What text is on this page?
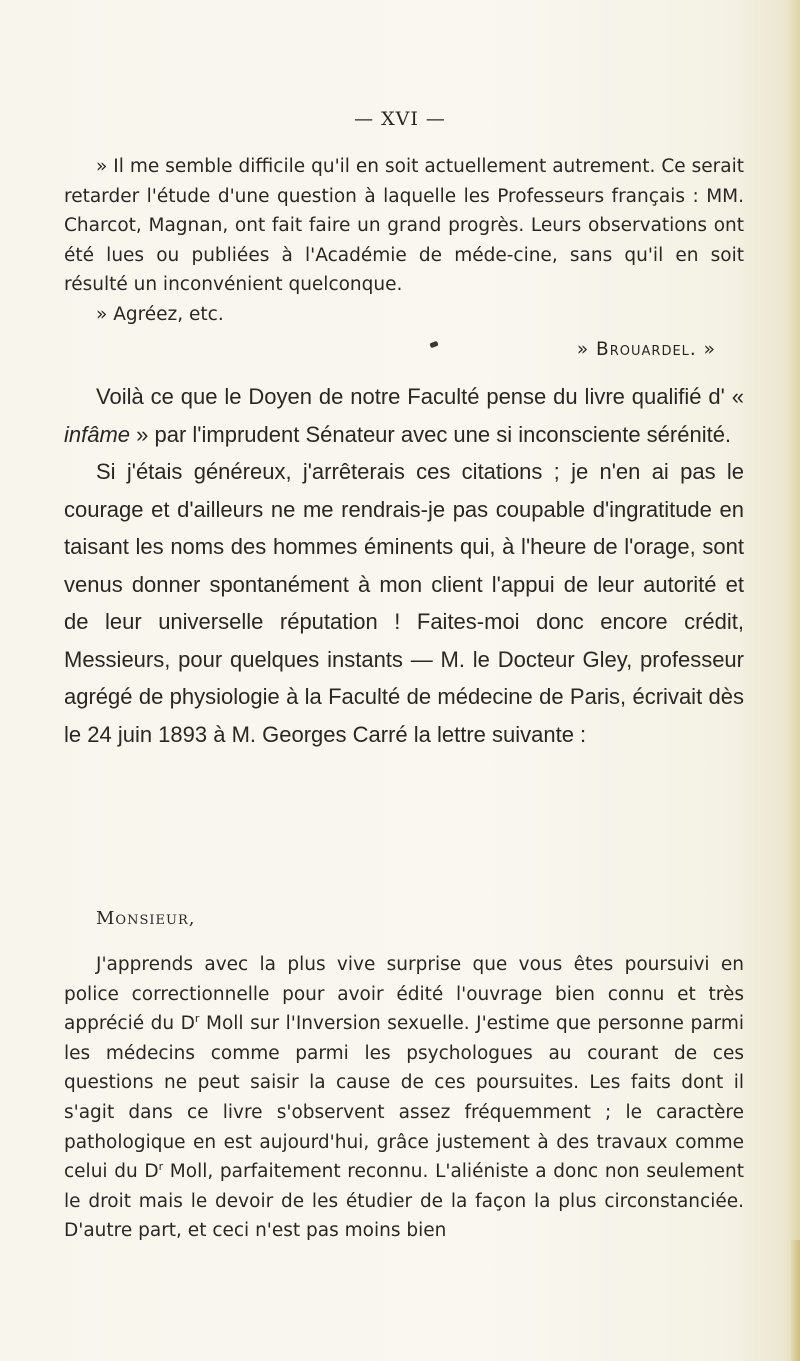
— XVI —

» Il me semble difficile qu'il en soit actuellement autrement. Ce serait retarder l'étude d'une question à laquelle les Professeurs français : MM. Charcot, Magnan, ont fait faire un grand progrès. Leurs observations ont été lues ou publiées à l'Académie de méde-cine, sans qu'il en soit résulté un inconvénient quelconque.

» Agréez, etc.

» Brouardel. »

Voilà ce que le Doyen de notre Faculté pense du livre qualifié d' « infâme » par l'imprudent Sénateur avec une si inconsciente sérénité.

Si j'étais généreux, j'arrêterais ces citations ; je n'en ai pas le courage et d'ailleurs ne me rendrais-je pas coupable d'ingratitude en taisant les noms des hommes éminents qui, à l'heure de l'orage, sont venus donner spontanément à mon client l'appui de leur autorité et de leur universelle réputation ! Faites-moi donc encore crédit, Messieurs, pour quelques instants — M. le Docteur Gley, professeur agrégé de physiologie à la Faculté de médecine de Paris, écrivait dès le 24 juin 1893 à M. Georges Carré la lettre suivante :

Monsieur,

J'apprends avec la plus vive surprise que vous êtes poursuivi en police correctionnelle pour avoir édité l'ouvrage bien connu et très apprécié du $D^r$ Moll sur l'Inversion sexuelle. J'estime que personne parmi les médecins comme parmi les psychologues au courant de ces questions ne peut saisir la cause de ces poursuites. Les faits dont il s'agit dans ce livre s'observent assez fréquemment ; le caractère pathologique en est aujourd'hui, grâce justement à des travaux comme celui du $D^r$ Moll, parfaitement reconnu. L'aliéniste a donc non seulement le droit mais le devoir de les étudier de la façon la plus circonstanciée. D'autre part, et ceci n'est pas moins bien
